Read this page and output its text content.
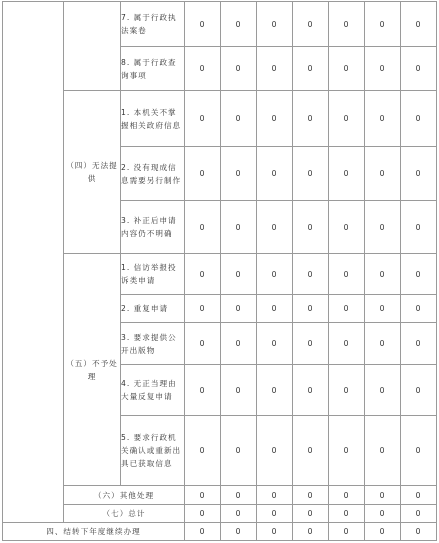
		7. 属于行政执法案卷	0	0	0	0	0	0	0
		8. 属于行政查询事项	0	0	0	0	0	0	0
	（四）无法提供	1. 本机关不掌握相关政府信息	0	0	0	0	0	0	0
		2. 没有现成信息需要另行制作	0	0	0	0	0	0	0
		3. 补正后申请内容仍不明确	0	0	0	0	0	0	0
	（五）不予处理	1. 信访举报投诉类申请	0	0	0	0	0	0	0
		2. 重复申请	0	0	0	0	0	0	0
		3. 要求提供公开出版物	0	0	0	0	0	0	0
		4. 无正当理由大量反复申请	0	0	0	0	0	0	0
		5. 要求行政机关确认或重新出具已获取信息	0	0	0	0	0	0	0
	（六）其他处理		0	0	0	0	0	0	0
	（七）总计		0	0	0	0	0	0	0
四、结转下年度继续办理			0	0	0	0	0	0	0
